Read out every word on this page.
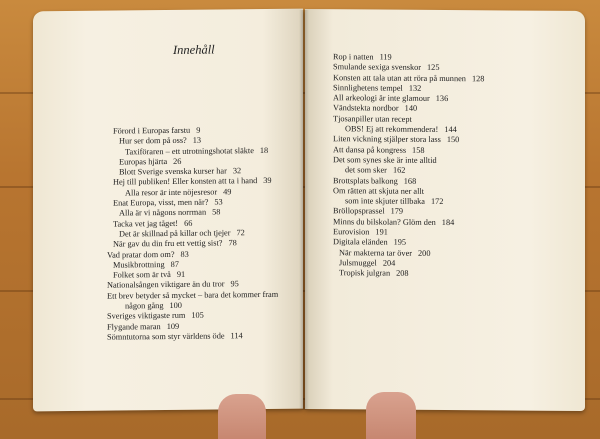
Innehåll
Förord i Europas farstu 9
Hur ser dom på oss? 13
Taxiföraren – ett utrotningshotat släkte 18
Europas hjärta 26
Blott Sverige svenska kurser har 32
Hej till publiken! Eller konsten att ta i hand 39
Alla resor är inte nöjesresor 49
Enat Europa, visst, men när? 53
Alla är vi någons norrman 58
Tacka vet jag tåget! 66
Det är skillnad på killar och tjejer 72
När gav du din fru ett vettig sist? 78
Vad pratar dom om? 83
Musikbrottning 87
Folket som är två 91
Nationalsången viktigare än du tror 95
Ett brev betyder så mycket – bara det kommer fram
någon gång 100
Sveriges viktigaste rum 105
Flygande maran 109
Sömntutorna som styr världens öde 114
Rop i natten 119
Smulande sexiga svenskor 125
Konsten att tala utan att röra på munnen 128
Sinnlighetens tempel 132
All arkeologi är inte glamour 136
Vändstekta nordbor 140
Tjosanpiller utan recept
OBS! Ej att rekommendera! 144
Liten vickning stjälper stora lass 150
Att dansa på kongress 158
Det som synes ske är inte alltid
det som sker 162
Brottsplats balkong 168
Om rätten att skjuta ner allt
som inte skjuter tillbaka 172
Bröllopsprassel 179
Minns du bilskolan? Glöm den 184
Eurovision 191
Digitala eländen 195
När makterna tar över 200
Julsmuggel 204
Tropisk julgran 208
